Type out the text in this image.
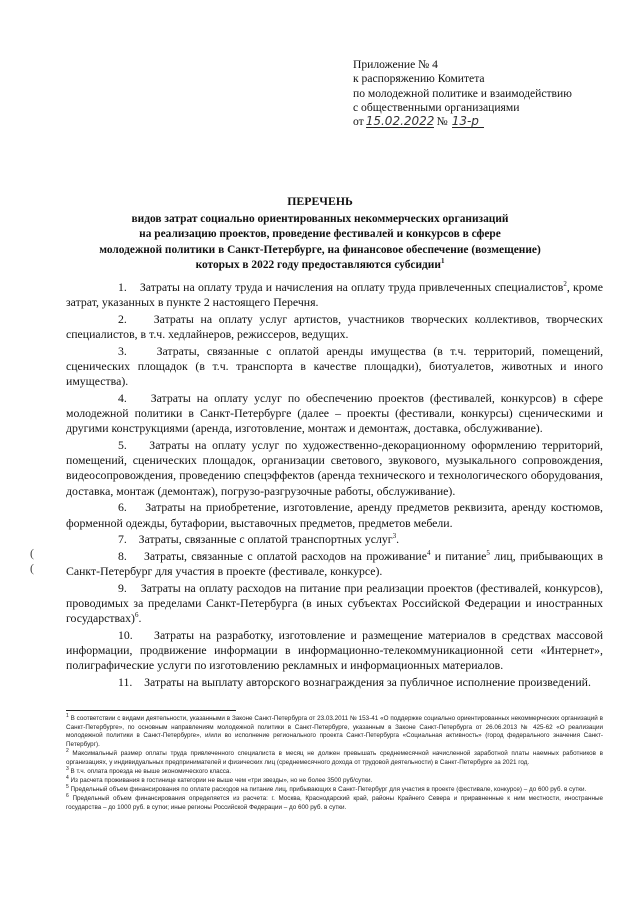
Приложение № 4
к распоряжению Комитета
по молодежной политике и взаимодействию
с общественными организациями
от 15.02.2022 № 13-р
ПЕРЕЧЕНЬ
видов затрат социально ориентированных некоммерческих организаций
на реализацию проектов, проведение фестивалей и конкурсов в сфере
молодежной политики в Санкт-Петербурге, на финансовое обеспечение (возмещение)
которых в 2022 году предоставляются субсидии$^1$

1. Затраты на оплату труда и начисления на оплату труда привлеченных специалистов$^2$, кроме затрат, указанных в пункте 2 настоящего Перечня.

2. Затраты на оплату услуг артистов, участников творческих коллективов, творческих специалистов, в т.ч. хедлайнеров, режиссеров, ведущих.

3.	Затраты, связанные с оплатой аренды имущества (в т.ч. территорий, помещений, сценических площадок (в т.ч. транспорта в качестве площадки), биотуалетов, животных и иного имущества).

4. Затраты на оплату услуг по обеспечению проектов (фестивалей, конкурсов) в сфере молодежной политики в Санкт-Петербурге (далее – проекты (фестивали, конкурсы) сценическими и другими конструкциями (аренда, изготовление, монтаж и демонтаж, доставка, обслуживание).

5. Затраты на оплату услуг по художественно-декорационному оформлению территорий, помещений, сценических площадок, организации светового, звукового, музыкального сопровождения, видеосопровождения, проведению спецэффектов (аренда технического и технологического оборудования, доставка, монтаж (демонтаж), погрузо-разгрузочные работы, обслуживание).

6. Затраты на приобретение, изготовление, аренду предметов реквизита, аренду костюмов, форменной одежды, бутафории, выставочных предметов, предметов мебели.

7. Затраты, связанные с оплатой транспортных услуг$^3$.

8. Затраты, связанные с оплатой расходов на проживание$^4$ и питание$^5$ лиц, прибывающих в Санкт-Петербург для участия в проекте (фестивале, конкурсе).

9. Затраты на оплату расходов на питание при реализации проектов (фестивалей, конкурсов), проводимых за пределами Санкт-Петербурга (в иных субъектах Российской Федерации и иностранных государствах)$^6$.

10. Затраты на разработку, изготовление и размещение материалов в средствах массовой информации, продвижение информации в информационно-телекоммуникационной сети «Интернет», полиграфические услуги по изготовлению рекламных и информационных материалов.

11. Затраты на выплату авторского вознаграждения за публичное исполнение произведений.

(
(

$^1$ В соответствии с видами деятельности, указанными в Законе Санкт-Петербурга от 23.03.2011 № 153-41 «О поддержке социально ориентированных некоммерческих организаций в Санкт-Петербурге», по основным направлениям молодежной политики в Санкт-Петербурге, указанным в Законе Санкт-Петербурга от 26.06.2013 № 425-62 «О реализации молодежной политики в Санкт-Петербурге», и/или во исполнение регионального проекта Санкт-Петербурга «Социальная активность» (город федерального значения Санкт-Петербург).

$^2$ Максимальный размер оплаты труда привлеченного специалиста в месяц не должен превышать среднемесячной начисленной заработной платы наемных работников в организациях, у индивидуальных предпринимателей и физических лиц (среднемесячного дохода от трудовой деятельности) в Санкт-Петербурге за 2021 год.

$^3$ В т.ч. оплата проезда не выше экономического класса.

$^4$ Из расчета проживания в гостинице категории не выше чем «три звезды», но не более 3500 руб/сутки.

$^5$ Предельный объем финансирования по оплате расходов на питание лиц, прибывающих в Санкт-Петербург для участия в проекте (фестивале, конкурсе) – до 600 руб. в сутки.

$^6$ Предельный объем финансирования определяется из расчета: г. Москва, Краснодарский край, районы Крайнего Севера и приравненные к ним местности, иностранные государства – до 1000 руб. в сутки; иные регионы Российской Федерации – до 600 руб. в сутки.
